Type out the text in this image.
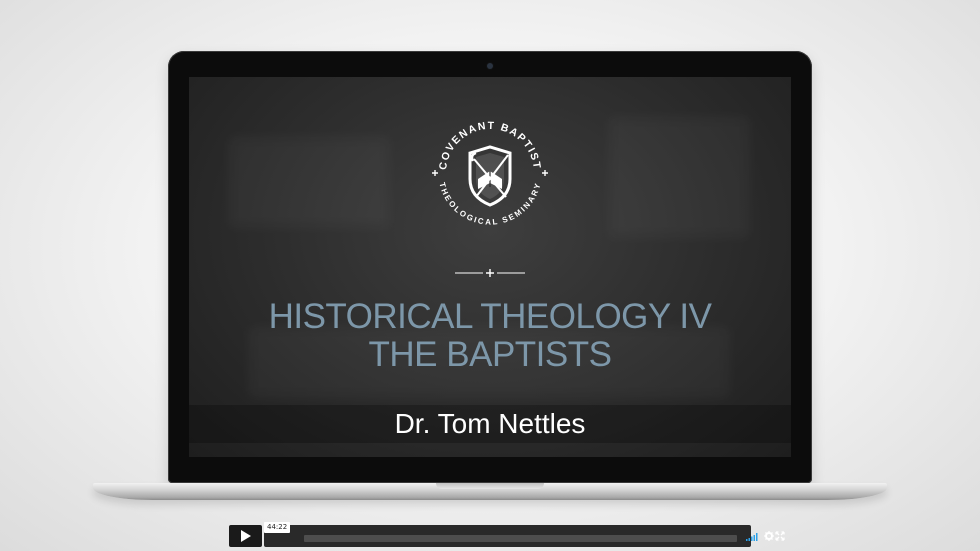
COVENANT BAPTIST
THEOLOGICAL SEMINARY
HISTORICAL THEOLOGY IV
THE BAPTISTS
Dr. Tom Nettles
44:22
